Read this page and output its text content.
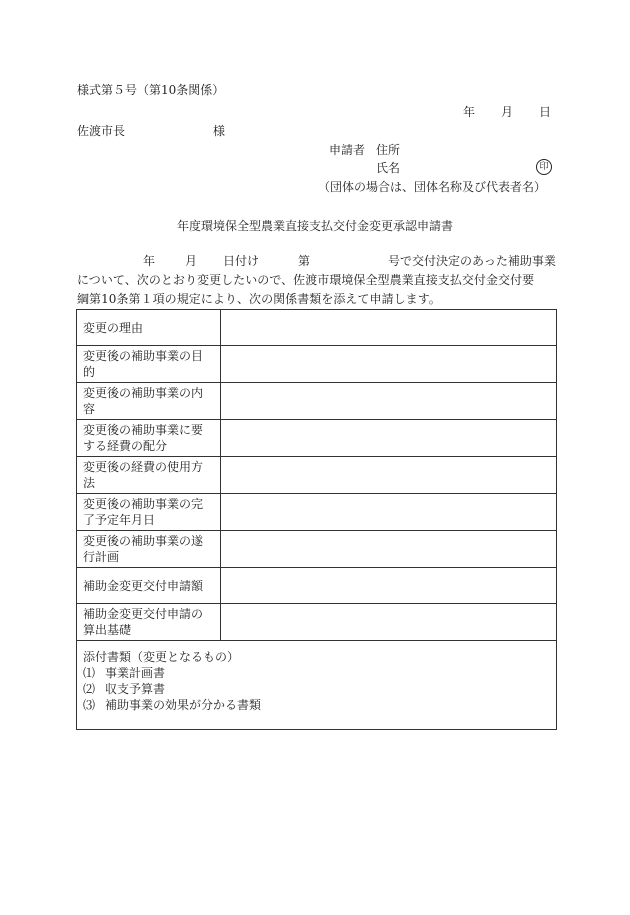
様式第５号（第10条関係）
年 月 日
佐渡市長	様
申請者 住所
氏名	印
（団体の場合は、団体名称及び代表者名）
年度環境保全型農業直接支払交付金変更承認申請書
年 月 日付け	第	号で交付決定のあった補助事業
について、次のとおり変更したいので、佐渡市環境保全型農業直接支払交付金交付要
綱第10条第１項の規定により、次の関係書類を添えて申請します。
変更の理由	
変更後の補助事業の目的	
変更後の補助事業の内容	
変更後の補助事業に要する経費の配分	
変更後の経費の使用方法	
変更後の補助事業の完了予定年月日	
変更後の補助事業の遂行計画	
補助金変更交付申請額	
補助金変更交付申請の算出基礎	

添付書類（変更となるもの）
⑴ 事業計画書
⑵ 収支予算書
⑶ 補助事業の効果が分かる書類	
